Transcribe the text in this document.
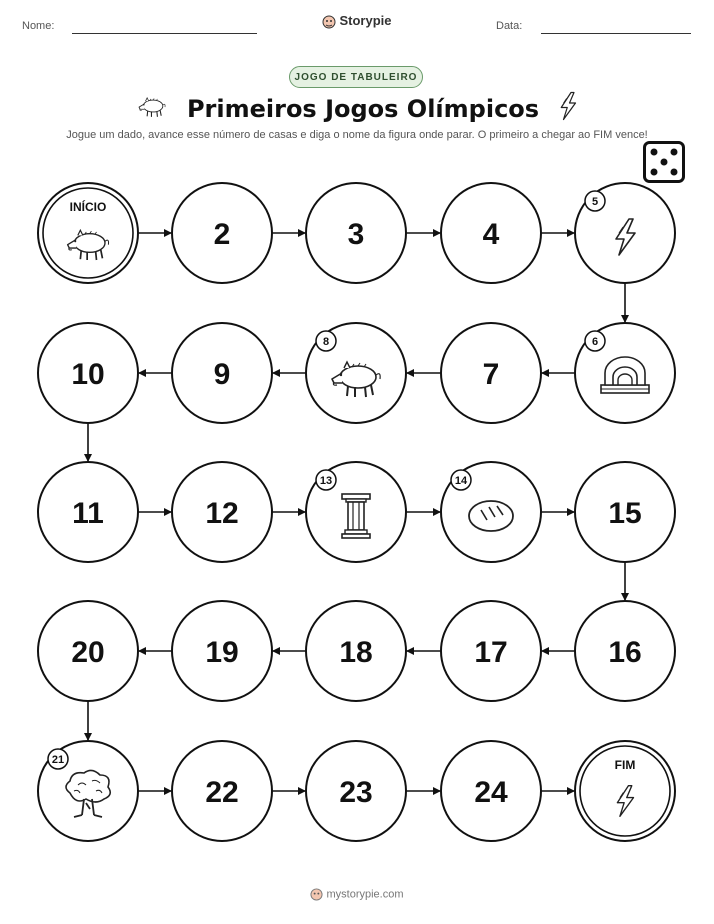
Nome:	Storypie	Data:
JOGO DE TABULEIRO
Primeiros Jogos Olímpicos
Jogue um dado, avance esse número de casas e diga o nome da figura onde parar. O primeiro a chegar ao FIM vence!
INÍCIO
2	3	4
5
6
7
8
9
10
11	12
13	14
15
16
17
18
19
20
21
22	23	24
FIM
mystorypie.com
